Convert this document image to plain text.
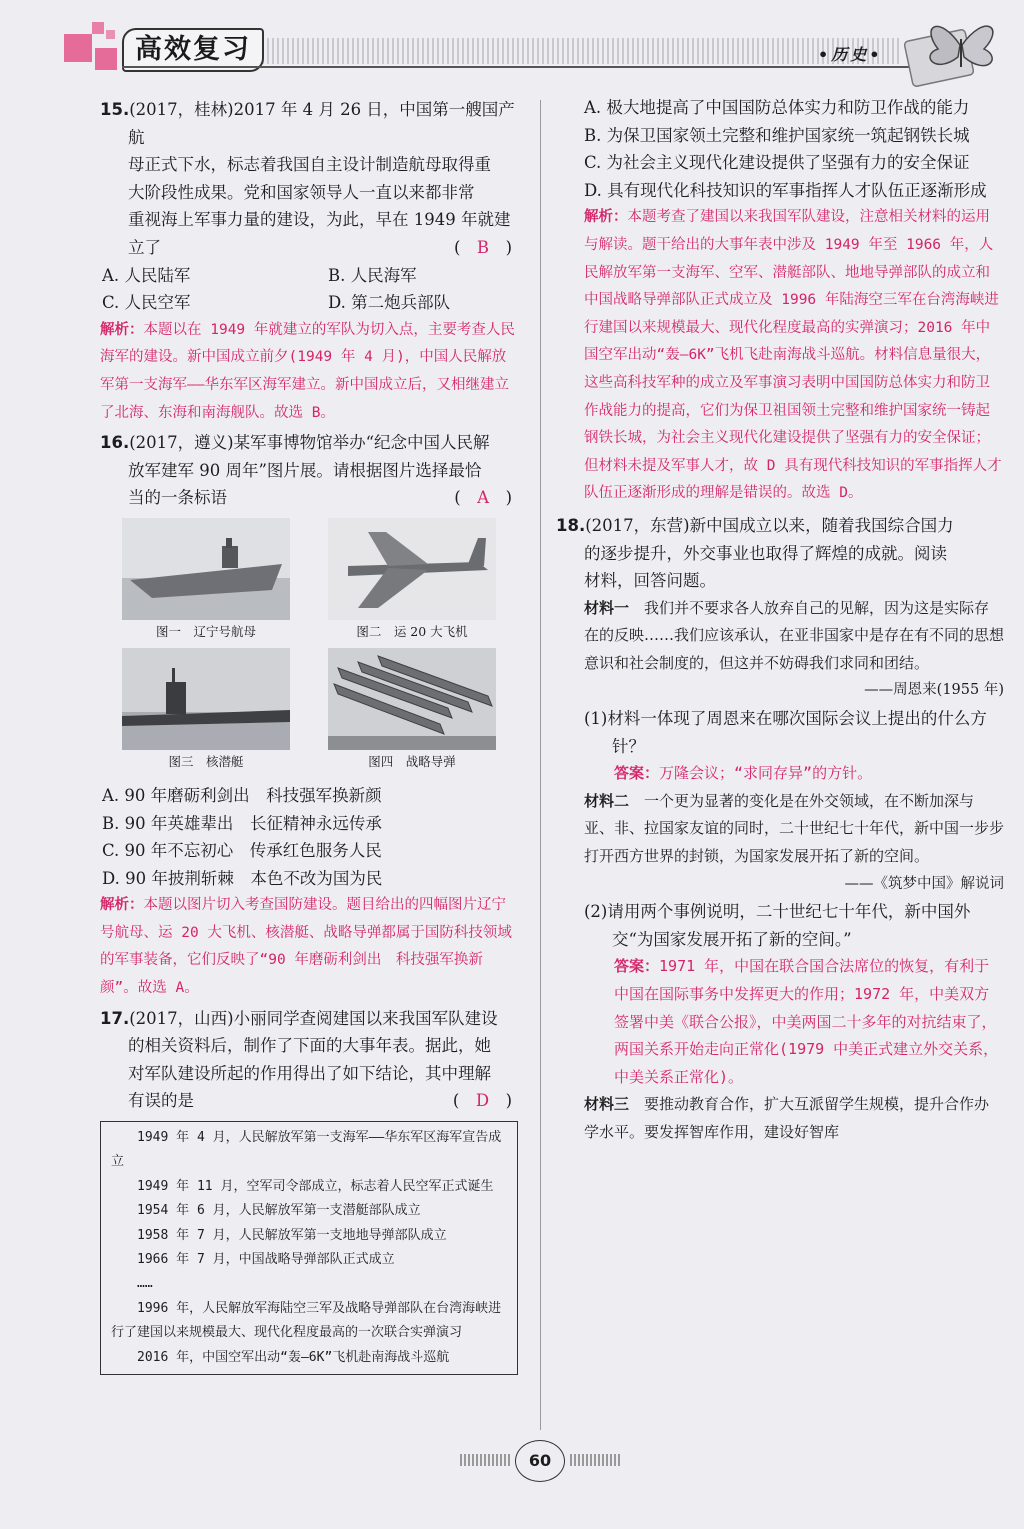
高效复习	•历史•

15.(2017，桂林)2017 年 4 月 26 日，中国第一艘国产航

母正式下水，标志着我国自主设计制造航母取得重

大阶段性成果。党和国家领导人一直以来都非常

重视海上军事力量的建设，为此，早在 1949 年就建

立了	(　B　)

A. 人民陆军	B. 人民海军
C. 人民空军	D. 第二炮兵部队

解析：本题以在 1949 年就建立的军队为切入点，主要考查人民海军的建设。新中国成立前夕(1949 年 4 月)，中国人民解放军第一支海军——华东军区海军建立。新中国成立后，又相继建立了北海、东海和南海舰队。故选 B。

16.(2017，遵义)某军事博物馆举办“纪念中国人民解

放军建军 90 周年”图片展。请根据图片选择最恰

当的一条标语	(　A　)

图一　辽宁号航母	图二　运 20 大飞机
图三　核潜艇	图四　战略导弹

A. 90 年磨砺利剑出　科技强军换新颜

B. 90 年英雄辈出　长征精神永远传承

C. 90 年不忘初心　传承红色服务人民

D. 90 年披荆斩棘　本色不改为国为民

解析：本题以图片切入考查国防建设。题目给出的四幅图片辽宁号航母、运 20 大飞机、核潜艇、战略导弹都属于国防科技领域的军事装备，它们反映了“90 年磨砺利剑出　科技强军换新颜”。故选 A。

17.(2017，山西)小丽同学查阅建国以来我国军队建设

的相关资料后，制作了下面的大事年表。据此，她

对军队建设所起的作用得出了如下结论，其中理解

有误的是	(　D　)

1949 年 4 月，人民解放军第一支海军——华东军区海军宣告成立

1949 年 11 月，空军司令部成立，标志着人民空军正式诞生

1954 年 6 月，人民解放军第一支潜艇部队成立

1958 年 7 月，人民解放军第一支地地导弹部队成立

1966 年 7 月，中国战略导弹部队正式成立

……

1996 年，人民解放军海陆空三军及战略导弹部队在台湾海峡进行了建国以来规模最大、现代化程度最高的一次联合实弹演习

2016 年，中国空军出动“轰—6K”飞机赴南海战斗巡航

A. 极大地提高了中国国防总体实力和防卫作战的能力

B. 为保卫国家领土完整和维护国家统一筑起钢铁长城

C. 为社会主义现代化建设提供了坚强有力的安全保证

D. 具有现代化科技知识的军事指挥人才队伍正逐渐形成

解析：本题考查了建国以来我国军队建设，注意相关材料的运用与解读。题干给出的大事年表中涉及 1949 年至 1966 年，人民解放军第一支海军、空军、潜艇部队、地地导弹部队的成立和中国战略导弹部队正式成立及 1996 年陆海空三军在台湾海峡进行建国以来规模最大、现代化程度最高的实弹演习；2016 年中国空军出动“轰—6K”飞机飞赴南海战斗巡航。材料信息量很大，这些高科技军种的成立及军事演习表明中国国防总体实力和防卫作战能力的提高，它们为保卫祖国领土完整和维护国家统一铸起钢铁长城，为社会主义现代化建设提供了坚强有力的安全保证；但材料未提及军事人才，故 D 具有现代科技知识的军事指挥人才队伍正逐渐形成的理解是错误的。故选 D。

18.(2017，东营)新中国成立以来，随着我国综合国力

的逐步提升，外交事业也取得了辉煌的成就。阅读

材料，回答问题。

材料一　我们并不要求各人放弃自己的见解，因为这是实际存在的反映……我们应该承认，在亚非国家中是存在有不同的思想意识和社会制度的，但这并不妨碍我们求同和团结。

——周恩来(1955 年)

(1)材料一体现了周恩来在哪次国际会议上提出的什么方针？

答案：万隆会议；“求同存异”的方针。

材料二　一个更为显著的变化是在外交领域，在不断加深与亚、非、拉国家友谊的同时，二十世纪七十年代，新中国一步步打开西方世界的封锁，为国家发展开拓了新的空间。

——《筑梦中国》解说词

(2)请用两个事例说明，二十世纪七十年代，新中国外交“为国家发展开拓了新的空间。”

答案：1971 年，中国在联合国合法席位的恢复，有利于中国在国际事务中发挥更大的作用；1972 年，中美双方签署中美《联合公报》，中美两国二十多年的对抗结束了，两国关系开始走向正常化(1979 中美正式建立外交关系，中美关系正常化)。

材料三　要推动教育合作，扩大互派留学生规模，提升合作办学水平。要发挥智库作用，建设好智库

60
